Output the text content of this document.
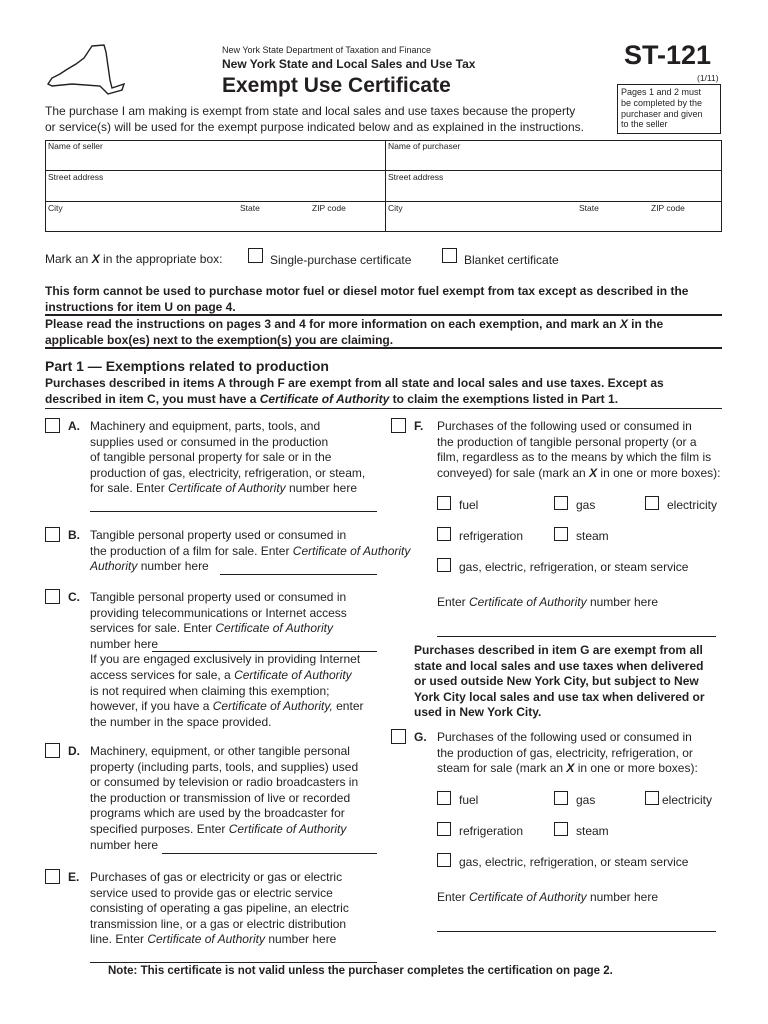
New York State Department of Taxation and Finance
New York State and Local Sales and Use Tax
Exempt Use Certificate
ST-121
(1/11)
Pages 1 and 2 must
be completed by the
purchaser and given
to the seller
The purchase I am making is exempt from state and local sales and use taxes because the property
or service(s) will be used for the exempt purpose indicated below and as explained in the instructions.
Name of seller	Name of purchaser
Street address	Street address
City	State	ZIP code	City	State	ZIP code
Mark an X in the appropriate box:	Single-purchase certificate	Blanket certificate
This form cannot be used to purchase motor fuel or diesel motor fuel exempt from tax except as described in the
instructions for item U on page 4.
Please read the instructions on pages 3 and 4 for more information on each exemption, and mark an X in the
applicable box(es) next to the exemption(s) you are claiming.
Part 1 — Exemptions related to production
Purchases described in items A through F are exempt from all state and local sales and use taxes. Except as
described in item C, you must have a Certificate of Authority to claim the exemptions listed in Part 1.
A. Machinery and equipment, parts, tools, and
supplies used or consumed in the production
of tangible personal property for sale or in the
production of gas, electricity, refrigeration, or steam,
for sale. Enter Certificate of Authority number here
B. Tangible personal property used or consumed in
the production of a film for sale. Enter Certificate of Authority
Authority number here
C. Tangible personal property used or consumed in
providing telecommunications or Internet access
services for sale. Enter Certificate of Authority
number here
If you are engaged exclusively in providing Internet
access services for sale, a Certificate of Authority
is not required when claiming this exemption;
however, if you have a Certificate of Authority, enter
the number in the space provided.
D. Machinery, equipment, or other tangible personal
property (including parts, tools, and supplies) used
or consumed by television or radio broadcasters in
the production or transmission of live or recorded
programs which are used by the broadcaster for
specified purposes. Enter Certificate of Authority
number here
E. Purchases of gas or electricity or gas or electric
service used to provide gas or electric service
consisting of operating a gas pipeline, an electric
transmission line, or a gas or electric distribution
line. Enter Certificate of Authority number here
F. Purchases of the following used or consumed in
the production of tangible personal property (or a
film, regardless as to the means by which the film is
conveyed) for sale (mark an X in one or more boxes):
fuel	gas	electricity
refrigeration	steam
gas, electric, refrigeration, or steam service
Enter Certificate of Authority number here
Purchases described in item G are exempt from all
state and local sales and use taxes when delivered
or used outside New York City, but subject to New
York City local sales and use tax when delivered or
used in New York City.
G. Purchases of the following used or consumed in
the production of gas, electricity, refrigeration, or
steam for sale (mark an X in one or more boxes):
fuel	gas	electricity
refrigeration	steam
gas, electric, refrigeration, or steam service
Enter Certificate of Authority number here
Note: This certificate is not valid unless the purchaser completes the certification on page 2.
